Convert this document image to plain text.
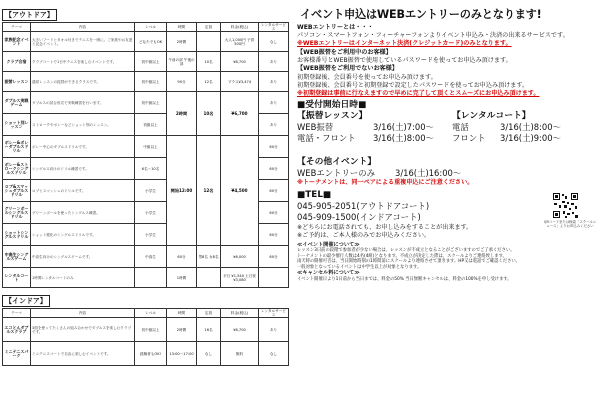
【アウトドア】
テーマ	内容	レベル	時間	定員	料金(税込)	レンタルサービス
家族記念イベント	大きいフードとタオル付きでテニスを一緒に。ご家族やお友達と記念イベント。	どなたでもOK	2時間		大人1,000円 子供500円	なし
クラブ合宿	クラブコートで1日中テニスを楽しむイベントです。	初中級以上	午前の部 午後の部	10名	¥6,700	あり
振替レッスン	通常レッスンの振替ができるクラスです。	初中級以上	90分	12名	プラス¥3,474	あり
ダブルス実戦ゲーム	ダブルスの試合形式で実戦練習を行います。	初中級以上	2時間	10名	¥6,700	あり
ショット別レッスン	ストロークやボレーなどショット別のレッスン。	初級以上				あり
ボレー&ボレーダブルスドリル	ボレー中心のダブルスドリルです。	中級以上	開始12:00	12名	¥4,500	60分
ボレー&ストロークシングルスドリル	シングルス向けのドリル練習です。	6名〜10名				60分
ロブ&スマッシュダブルスドリル	ロブとスマッシュのドリルです。	小学生				60分
グリーンボールシングルスドリル	グリーンボールを使ったシングルス練習。	小学生				60分
ショットシングルスドリル	ショット強化のシングルスドリルです。	小学生				60分
中高生シングルスゲーム	中高生向けのシングルスゲームです。	中高生	60分	男8名 女8名	¥6,000	60分
レンタルコート	1時間レンタルコートのみ		1時間		平日 ¥1,540 土日祝 ¥3,080	
【インドア】
テーマ	内容	レベル	時間	定員	料金(税込)	レンタルサービス
エコとんダブルスクラブ	3面を使ってたくさんの組み合わせでダブルスを楽しむクラブです。	初中級以上	2時間	16名	¥6,700	あり
ミニテニスパーク	ミニテニスコートで自由に楽しむイベントです。	経験者もOK!	13:00〜17:00	なし	無料	なし
イベント申込はWEBエントリーのみとなります!
WEBエントリーとは・・・
パソコン・スマートフォン・フィーチャーフォンよりイベント申込み・決済の出来るサービスです。
※WEBエントリーはインターネット決済(クレジットカード)のみとなります。
【WEB振替をご利用中のお客様】
お客様番号とWEB振替で使用しているパスワードを使ってお申込み頂けます。
【WEB振替をご利用でないお客様】
初期登録後、会員番号を使ってお申込み頂けます。
初期登録後、会員番号と初期登録で設定したパスワードを使ってお申込み頂けます。
※初期登録は事前に行なえますので早めに完了して頂くとスムーズにお申込み頂けます。
■受付開始日時■
【振替レッスン】
WEB振替	3/16(土)7:00〜
電話・フロント 3/16(土)8:00〜
【レンタルコート】
電話	3/16(土)8:00〜
フロント 3/16(土)9:00〜
【その他イベント】
WEBエントリーのみ 3/16(土)16:00〜
※トーナメントは、同一ペアによる重複申込にご注意ください。
■TEL■
045-905-2051(アウトドアコート)
045-909-1500(インドアコート)
※どちらにお電話されても、お申し込みをすることが出来ます。
※ご予約は、ご本人様のみでお申込みください。
≪イベント開催について≫
レッスン3日前の段階で参加者が少ない場合は、レッスンが不成立となることがございますのでご了承ください。
トーナメントの最少催行人数は4名(4組)となります。不成立が決定した際は、スクールよりご連絡致します。
雨天時の開催可否は、当日開始時刻の1時間前にスクールより連絡させて頂きます。HP又は電話でご確認ください。
一般対象となっているイベントは中学生以上が対象となります。
≪キャンセル料について≫
イベント開催日より1日前から当日までは、料金の50% 当日無断キャンセルは、料金の100%を申し受けます。
QRコードまたは検索「スクールニュース」よりお申込みください
